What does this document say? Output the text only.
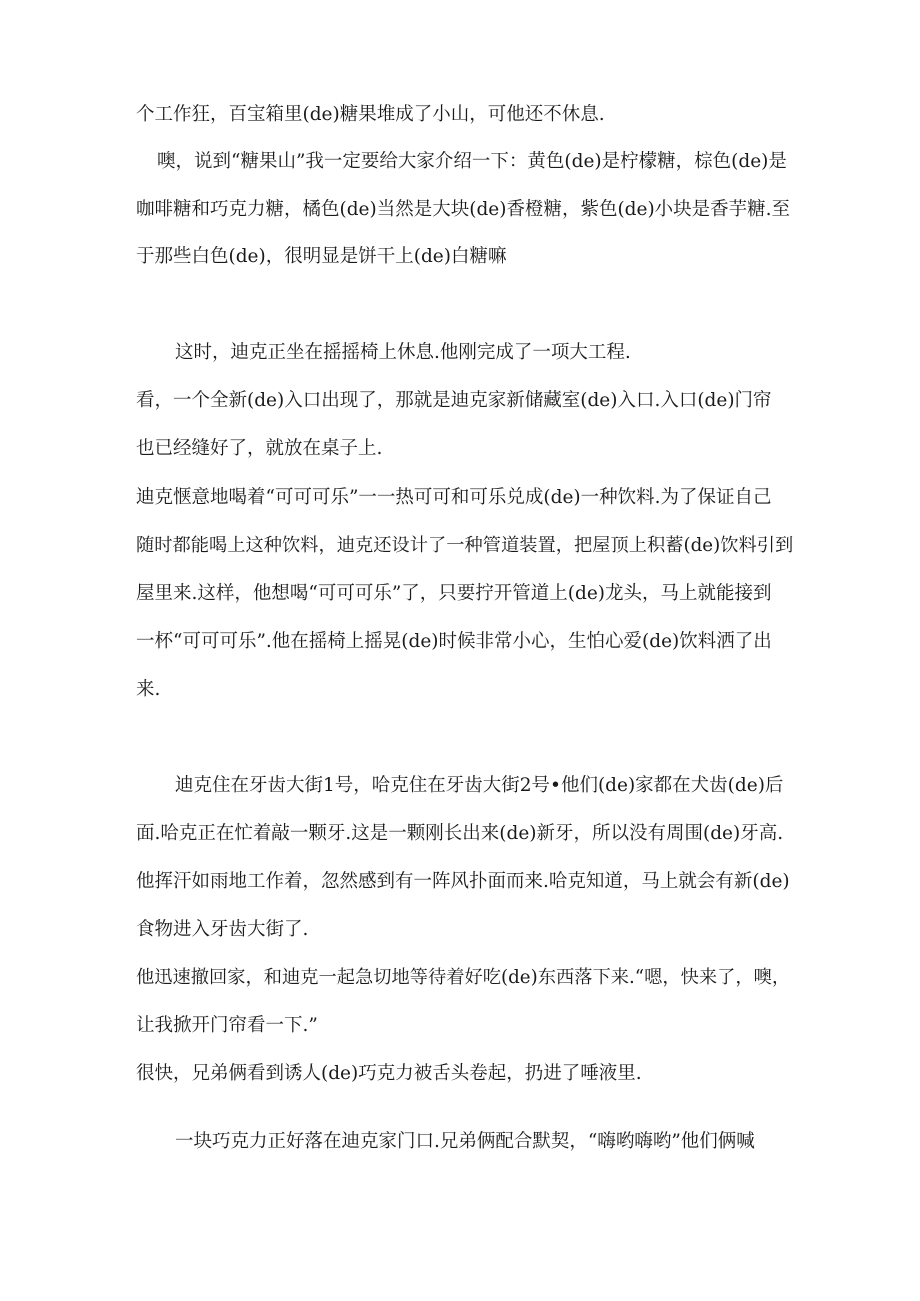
个工作狂，百宝箱里(de)糖果堆成了小山，可他还不休息.
噢，说到“糖果山”我一定要给大家介绍一下：黄色(de)是柠檬糖，棕色(de)是
咖啡糖和巧克力糖，橘色(de)当然是大块(de)香橙糖，紫色(de)小块是香芋糖.至
于那些白色(de)，很明显是饼干上(de)白糖嘛
这时，迪克正坐在摇摇椅上休息.他刚完成了一项大工程.
看，一个全新(de)入口出现了，那就是迪克家新储藏室(de)入口.入口(de)门帘
也已经缝好了，就放在桌子上.
迪克惬意地喝着“可可可乐”一一热可可和可乐兑成(de)一种饮料.为了保证自己
随时都能喝上这种饮料，迪克还设计了一种管道装置，把屋顶上积蓄(de)饮料引到
屋里来.这样，他想喝“可可可乐”了，只要拧开管道上(de)龙头，马上就能接到
一杯“可可可乐”.他在摇椅上摇晃(de)时候非常小心，生怕心爱(de)饮料洒了出
来.
迪克住在牙齿大街1号，哈克住在牙齿大街2号•他们(de)家都在犬齿(de)后
面.哈克正在忙着敲一颗牙.这是一颗刚长出来(de)新牙，所以没有周围(de)牙高.
他挥汗如雨地工作着，忽然感到有一阵风扑面而来.哈克知道，马上就会有新(de)
食物进入牙齿大街了.
他迅速撤回家，和迪克一起急切地等待着好吃(de)东西落下来.“嗯，快来了，噢，
让我掀开门帘看一下.”
很快，兄弟俩看到诱人(de)巧克力被舌头卷起，扔进了唾液里.
一块巧克力正好落在迪克家门口.兄弟俩配合默契，“嗨哟嗨哟”他们俩喊
